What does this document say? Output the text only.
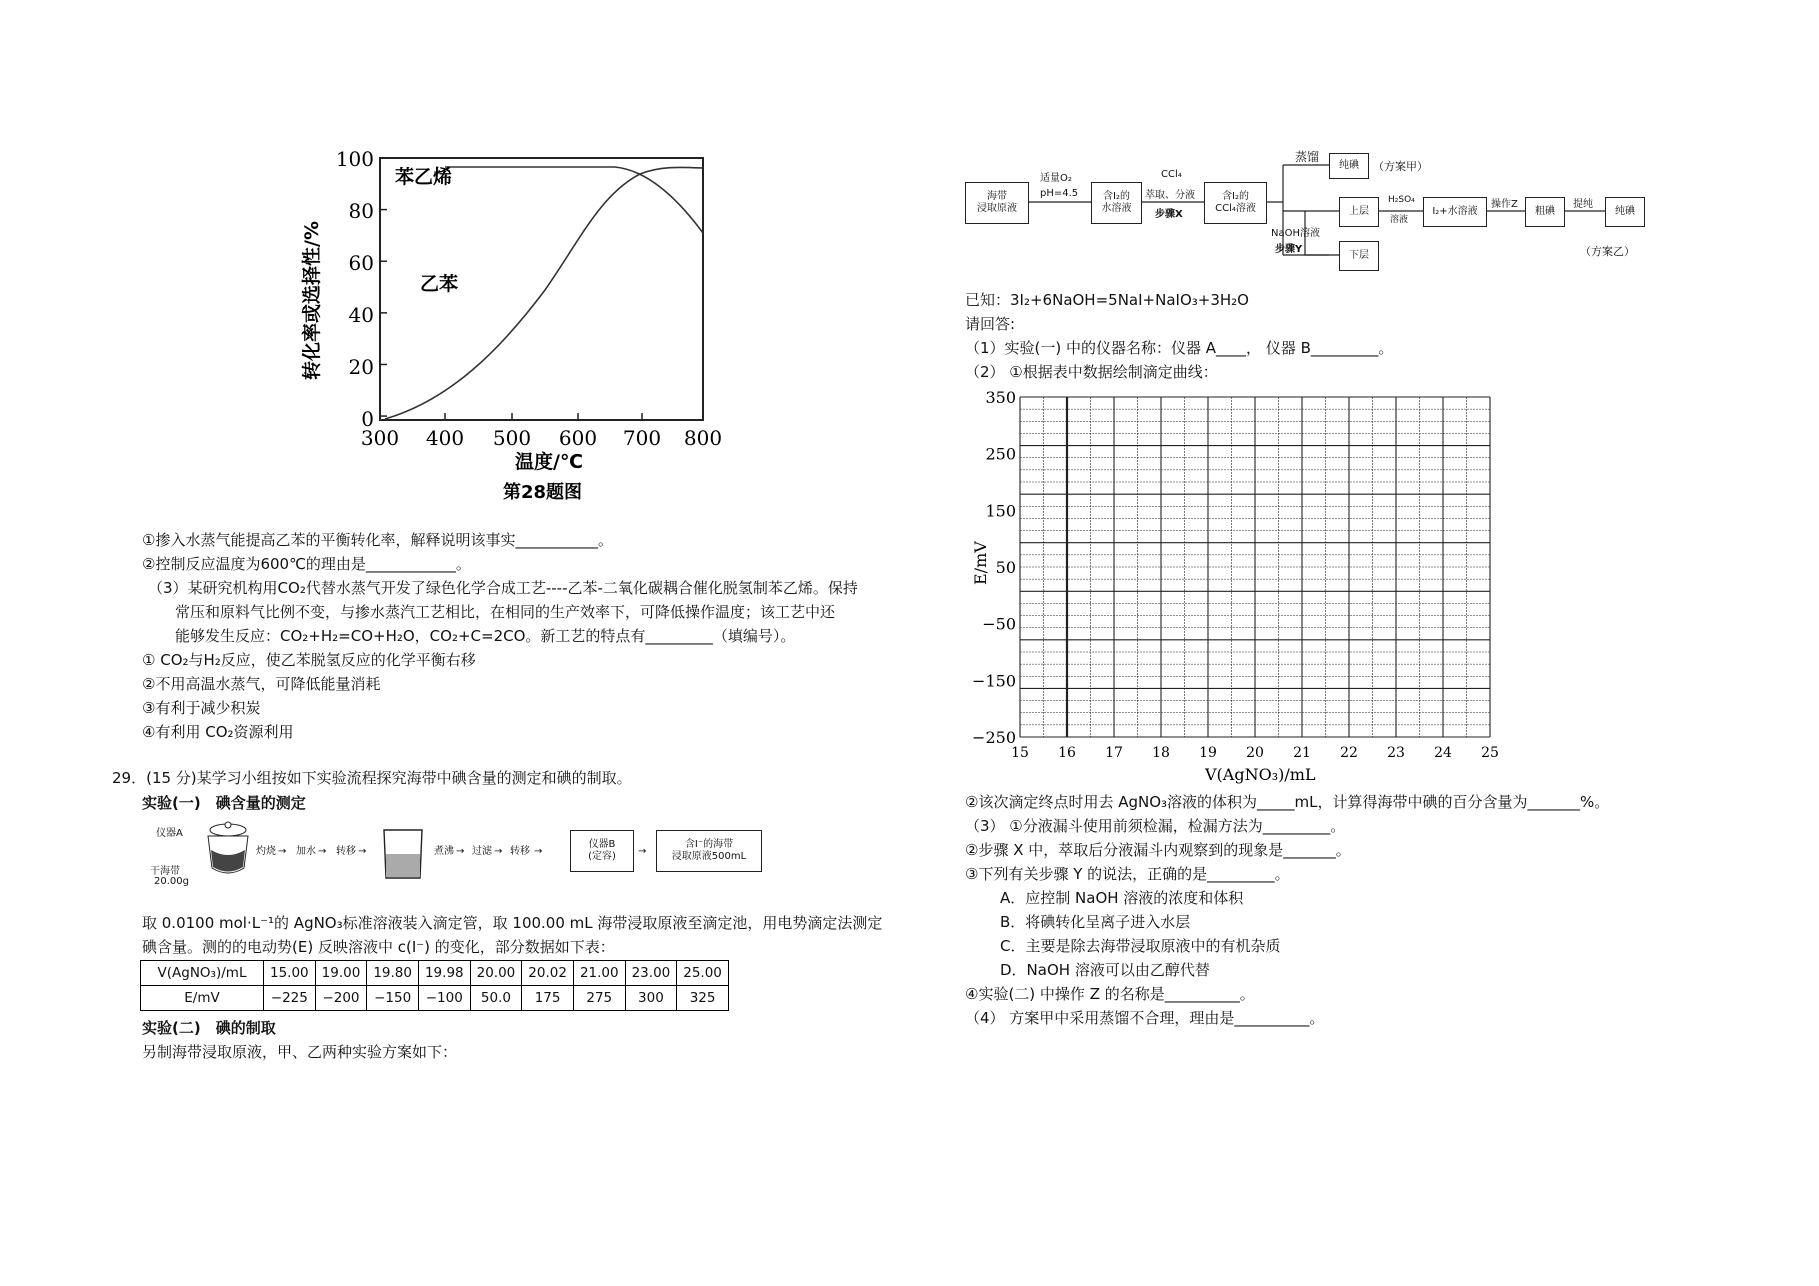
苯乙烯
乙苯
100
80
60
40
20
0
300 400 500 600 700 800
温度/℃
第28题图
转化率或选择性/%
①掺入水蒸气能提高乙苯的平衡转化率，解释说明该事实___________。
②控制反应温度为600℃的理由是____________。
（3）某研究机构用CO₂代替水蒸气开发了绿色化学合成工艺----乙苯-二氧化碳耦合催化脱氢制苯乙烯。保持
常压和原料气比例不变，与掺水蒸汽工艺相比，在相同的生产效率下，可降低操作温度；该工艺中还
能够发生反应：CO₂+H₂=CO+H₂O，CO₂+C=2CO。新工艺的特点有_________（填编号）。
① CO₂与H₂反应，使乙苯脱氢反应的化学平衡右移
②不用高温水蒸气，可降低能量消耗
③有利于减少积炭
④有利用 CO₂资源利用
29．(15 分)某学习小组按如下实验流程探究海带中碘含量的测定和碘的制取。
实验(一)　碘含量的测定
仪器A
干海带
20.00g
灼烧 → 加水 → 转移 →	煮沸 → 过滤 → 转移 →
仪器B
(定容)	→
含I⁻的海带
浸取原液500mL
取 0.0100 mol·L⁻¹的 AgNO₃标准溶液装入滴定管，取 100.00 mL 海带浸取原液至滴定池，用电势滴定法测定
碘含量。测的的电动势(E) 反映溶液中 c(I⁻) 的变化，部分数据如下表：
V(AgNO₃)/mL	15.00	19.00	19.80	19.98	20.00	20.02	21.00	23.00	25.00
E/mV	−225	−200	−150	−100	50.0	175	275	300	325
实验(二)　碘的制取
另制海带浸取原液，甲、乙两种实验方案如下：
海带
浸取原液
适量O₂
pH=4.5	含I₂的
水溶液
CCl₄
萃取、分液
步骤X
含I₂的
CCl₄溶液
蒸馏
纯碘	（方案甲）
NaOH溶液
步骤Y
上层
H₂SO₄
溶液
I₂+水溶液
操作Z
粗碘
提纯
纯碘
下层	（方案乙）
已知：3I₂+6NaOH=5NaI+NaIO₃+3H₂O
请回答:
（1）实验(一) 中的仪器名称：仪器 A____， 仪器 B_________。
（2） ①根据表中数据绘制滴定曲线：
E/mV
V(AgNO₃)/mL
350
250
150
50
−50
−150
−250
15 16 17 18 19 20 21 22 23 24 25
②该次滴定终点时用去 AgNO₃溶液的体积为_____mL，计算得海带中碘的百分含量为_______%。
（3） ①分液漏斗使用前须检漏，检漏方法为_________。
②步骤 X 中，萃取后分液漏斗内观察到的现象是_______。
③下列有关步骤 Y 的说法，正确的是_________。
A．应控制 NaOH 溶液的浓度和体积
B．将碘转化呈离子进入水层
C．主要是除去海带浸取原液中的有机杂质
D．NaOH 溶液可以由乙醇代替
④实验(二) 中操作 Z 的名称是__________。
（4） 方案甲中采用蒸馏不合理，理由是__________。
